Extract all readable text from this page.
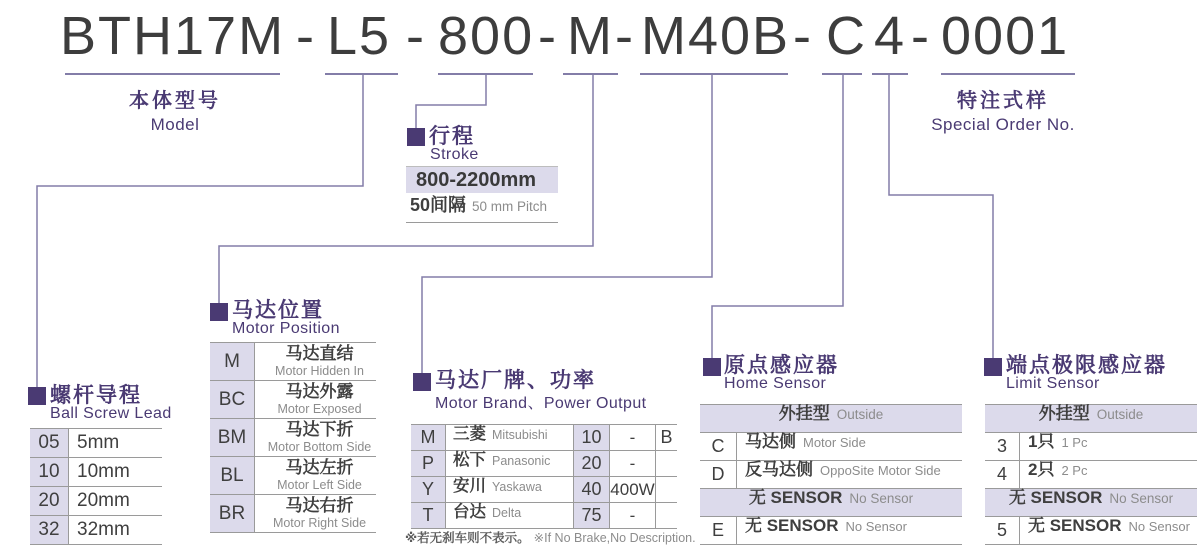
BTH17M - L5 - 800 - M - M40B - C 4 - 0001
本体型号
Model
特注式样
Special Order No.
螺杆导程
Ball Screw Lead
05 5mm
10 10mm
20 20mm
32 32mm
马达位置
Motor Position
M	马达直结
Motor Hidden In
BC	马达外露
Motor Exposed
BM	马达下折
Motor Bottom Side
BL	马达左折
Motor Left Side
BR	马达右折
Motor Right Side
行程
Stroke
800-2200mm
50间隔 50 mm Pitch
马达厂牌、功率
Motor Brand、Power Output
M	三菱 Mitsubishi	10	-	B
P	松下 Panasonic	20	-
Y	安川 Yaskawa	40 400W
T	台达 Delta	75	-
※若无刹车则不表示。 ※If No Brake,No Description.
原点感应器
Home Sensor
外挂型 Outside
C	马达侧 Motor Side
D	反马达侧 OppoSite Motor Side
无 SENSOR No Sensor
E	无 SENSOR No Sensor
端点极限感应器
Limit Sensor
外挂型 Outside
3	1只 1 Pc
4	2只 2 Pc
无 SENSOR No Sensor
5	无 SENSOR No Sensor
